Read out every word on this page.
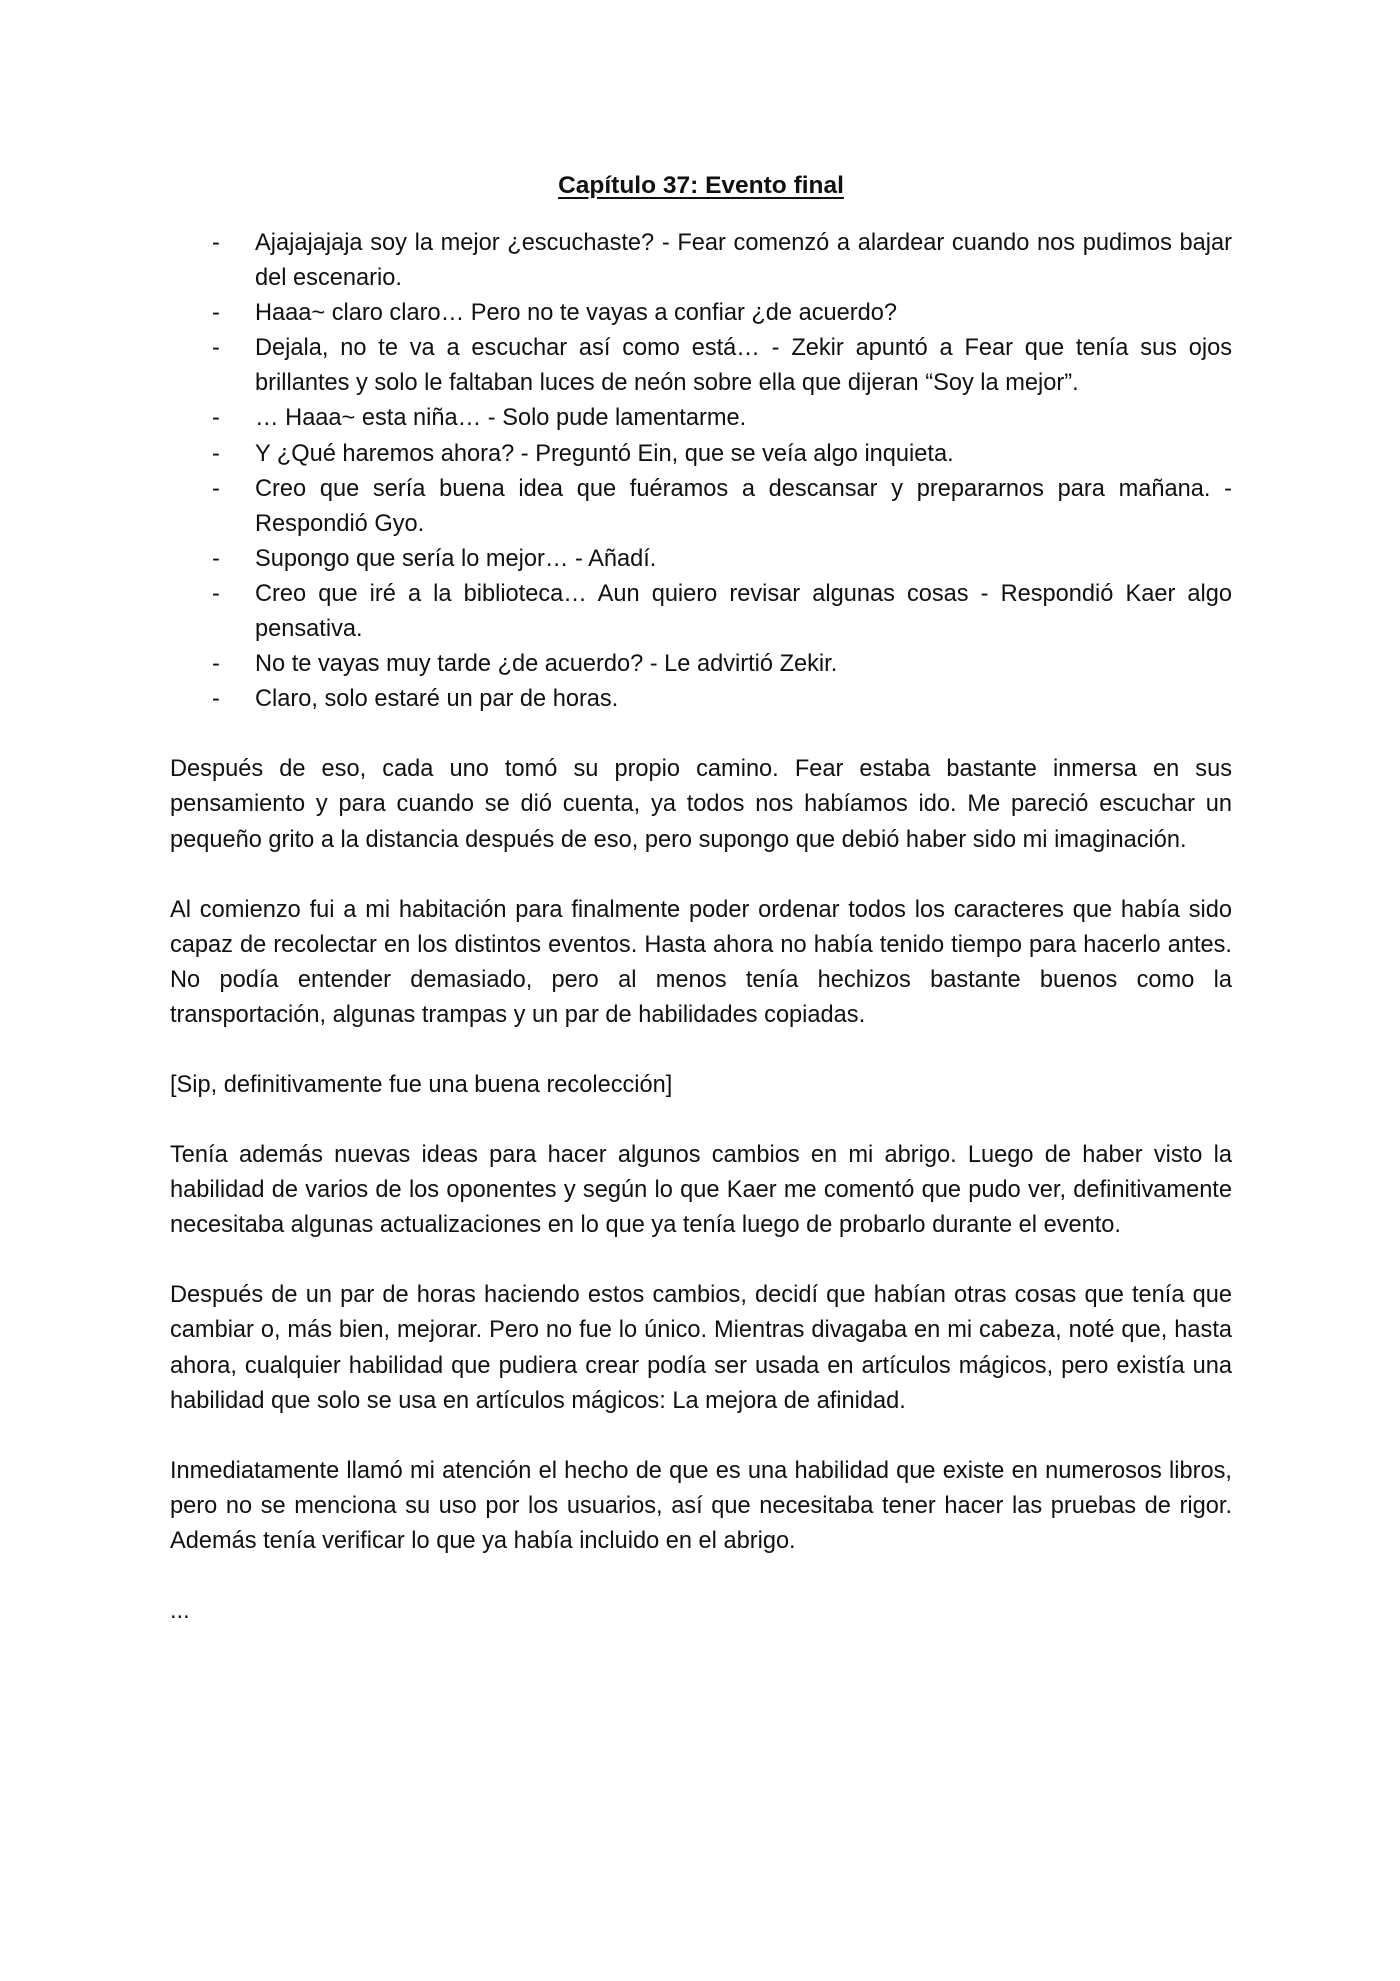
Capítulo 37: Evento final
- Ajajajajaja soy la mejor ¿escuchaste? - Fear comenzó a alardear cuando nos pudimos bajar del escenario.
- Haaa~ claro claro… Pero no te vayas a confiar ¿de acuerdo?
- Dejala, no te va a escuchar así como está… - Zekir apuntó a Fear que tenía sus ojos brillantes y solo le faltaban luces de neón sobre ella que dijeran “Soy la mejor”.
- … Haaa~ esta niña… - Solo pude lamentarme.
- Y ¿Qué haremos ahora? - Preguntó Ein, que se veía algo inquieta.
- Creo que sería buena idea que fuéramos a descansar y prepararnos para mañana. - Respondió Gyo.
- Supongo que sería lo mejor… - Añadí.
- Creo que iré a la biblioteca… Aun quiero revisar algunas cosas - Respondió Kaer algo pensativa.
- No te vayas muy tarde ¿de acuerdo? - Le advirtió Zekir.
- Claro, solo estaré un par de horas.

Después de eso, cada uno tomó su propio camino. Fear estaba bastante inmersa en sus pensamiento y para cuando se dió cuenta, ya todos nos habíamos ido. Me pareció escuchar un pequeño grito a la distancia después de eso, pero supongo que debió haber sido mi imaginación.

Al comienzo fui a mi habitación para finalmente poder ordenar todos los caracteres que había sido capaz de recolectar en los distintos eventos. Hasta ahora no había tenido tiempo para hacerlo antes. No podía entender demasiado, pero al menos tenía hechizos bastante buenos como la transportación, algunas trampas y un par de habilidades copiadas.

[Sip, definitivamente fue una buena recolección]

Tenía además nuevas ideas para hacer algunos cambios en mi abrigo. Luego de haber visto la habilidad de varios de los oponentes y según lo que Kaer me comentó que pudo ver, definitivamente necesitaba algunas actualizaciones en lo que ya tenía luego de probarlo durante el evento.

Después de un par de horas haciendo estos cambios, decidí que habían otras cosas que tenía que cambiar o, más bien, mejorar. Pero no fue lo único. Mientras divagaba en mi cabeza, noté que, hasta ahora, cualquier habilidad que pudiera crear podía ser usada en artículos mágicos, pero existía una habilidad que solo se usa en artículos mágicos: La mejora de afinidad.

Inmediatamente llamó mi atención el hecho de que es una habilidad que existe en numerosos libros, pero no se menciona su uso por los usuarios, así que necesitaba tener hacer las pruebas de rigor. Además tenía verificar lo que ya había incluido en el abrigo.

...
